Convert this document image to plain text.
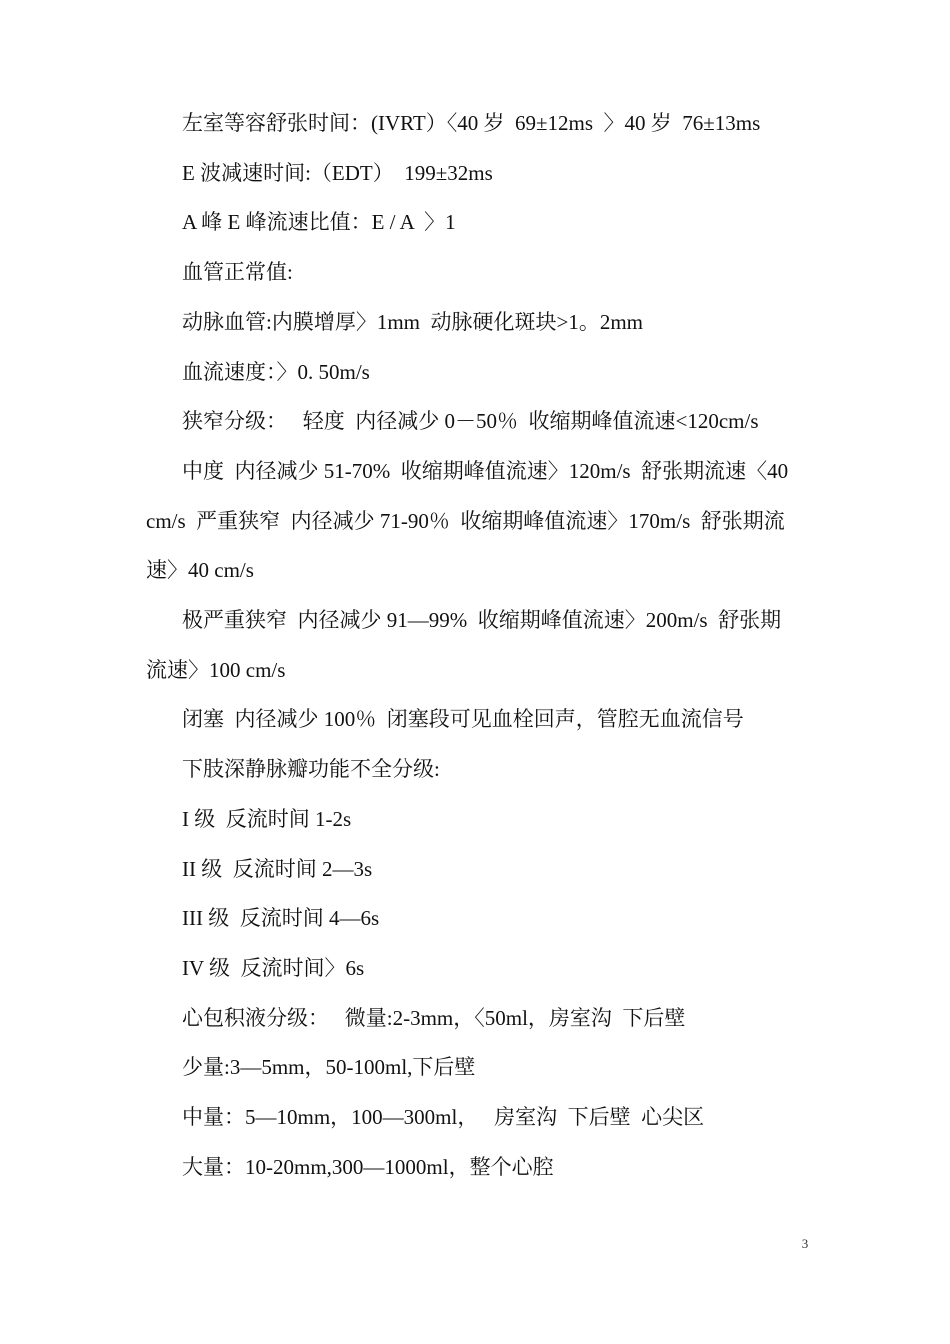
左室等容舒张时间：(IVRT）〈40 岁  69±12ms  〉40 岁  76±13ms

E 波减速时间:（EDT）  199±32ms

A 峰 E 峰流速比值：E / A  〉1

血管正常值:

动脉血管:内膜增厚〉1mm  动脉硬化斑块>1。2mm

血流速度：〉0. 50m/s

狭窄分级：   轻度  内径减少 0－50％  收缩期峰值流速<120cm/s

中度  内径减少 51-70%  收缩期峰值流速〉120m/s  舒张期流速〈40

cm/s  严重狭窄  内径减少 71-90％  收缩期峰值流速〉170m/s  舒张期流

速〉40 cm/s

极严重狭窄  内径减少 91—99%  收缩期峰值流速〉200m/s  舒张期

流速〉100 cm/s

闭塞  内径减少 100％  闭塞段可见血栓回声，管腔无血流信号

下肢深静脉瓣功能不全分级:

I 级  反流时间 1-2s

II 级  反流时间 2—3s

III 级  反流时间 4—6s

IV 级  反流时间〉6s

心包积液分级：   微量:2-3mm，〈50ml，房室沟  下后壁

少量:3—5mm，50-100ml,下后壁

中量：5—10mm，100—300ml，   房室沟  下后壁  心尖区

大量：10-20mm,300—1000ml，整个心腔

3
